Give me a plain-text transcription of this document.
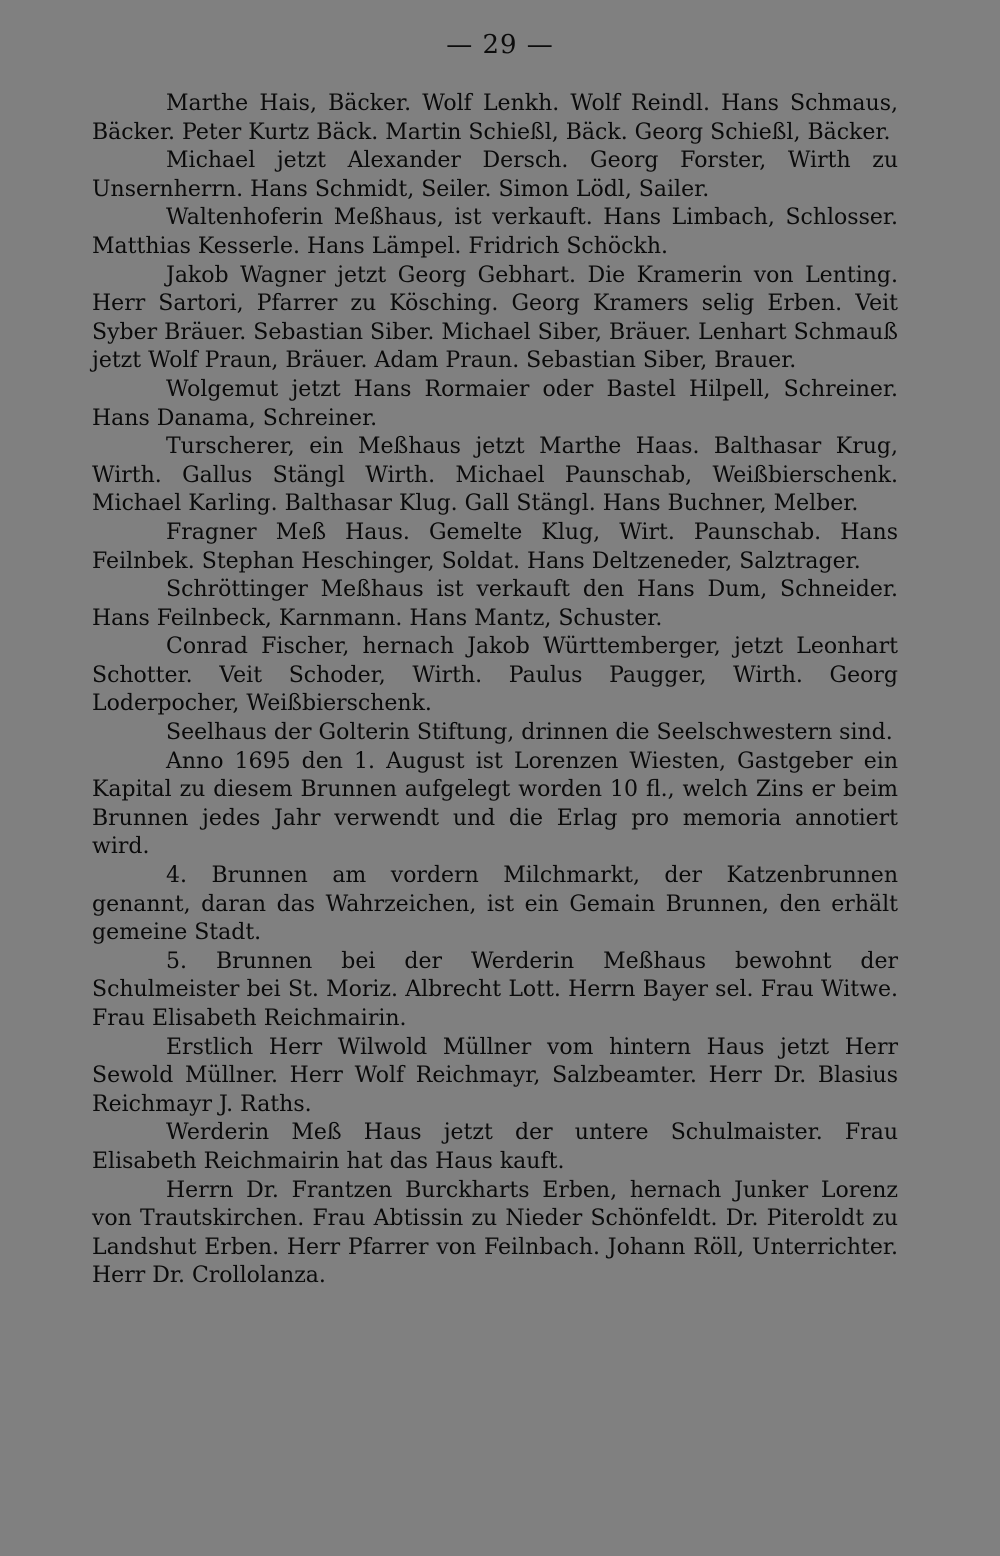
— 29 —

Marthe Hais, Bäcker. Wolf Lenkh. Wolf Reindl. Hans Schmaus, Bäcker. Peter Kurtz Bäck. Martin Schießl, Bäck. Georg Schießl, Bäcker.

Michael jetzt Alexander Dersch. Georg Forster, Wirth zu Unsernherrn. Hans Schmidt, Seiler. Simon Lödl, Sailer.

Waltenhoferin Meßhaus, ist verkauft. Hans Limbach, Schlosser. Matthias Kesserle. Hans Lämpel. Fridrich Schöckh.

Jakob Wagner jetzt Georg Gebhart. Die Kramerin von Lenting. Herr Sartori, Pfarrer zu Kösching. Georg Kramers selig Erben. Veit Syber Bräuer. Sebastian Siber. Michael Siber, Bräuer. Lenhart Schmauß jetzt Wolf Praun, Bräuer. Adam Praun. Sebastian Siber, Brauer.

Wolgemut jetzt Hans Rormaier oder Bastel Hilpell, Schreiner. Hans Danama, Schreiner.

Turscherer, ein Meßhaus jetzt Marthe Haas. Balthasar Krug, Wirth. Gallus Stängl Wirth. Michael Paunschab, Weißbierschenk. Michael Karling. Balthasar Klug. Gall Stängl. Hans Buchner, Melber.

Fragner Meß Haus. Gemelte Klug, Wirt. Paunschab. Hans Feilnbek. Stephan Heschinger, Soldat. Hans Deltzeneder, Salztrager.

Schröttinger Meßhaus ist verkauft den Hans Dum, Schneider. Hans Feilnbeck, Karnmann. Hans Mantz, Schuster.

Conrad Fischer, hernach Jakob Württemberger, jetzt Leonhart Schotter. Veit Schoder, Wirth. Paulus Paugger, Wirth. Georg Loderpocher, Weißbierschenk.

Seelhaus der Golterin Stiftung, drinnen die Seelschwestern sind.

Anno 1695 den 1. August ist Lorenzen Wiesten, Gastgeber ein Kapital zu diesem Brunnen aufgelegt worden 10 fl., welch Zins er beim Brunnen jedes Jahr verwendt und die Erlag pro memoria annotiert wird.

4. Brunnen am vordern Milchmarkt, der Katzenbrunnen genannt, daran das Wahrzeichen, ist ein Gemain Brunnen, den erhält gemeine Stadt.

5. Brunnen bei der Werderin Meßhaus bewohnt der Schulmeister bei St. Moriz. Albrecht Lott. Herrn Bayer sel. Frau Witwe. Frau Elisabeth Reichmairin.

Erstlich Herr Wilwold Müllner vom hintern Haus jetzt Herr Sewold Müllner. Herr Wolf Reichmayr, Salzbeamter. Herr Dr. Blasius Reichmayr J. Raths.

Werderin Meß Haus jetzt der untere Schulmaister. Frau Elisabeth Reichmairin hat das Haus kauft.

Herrn Dr. Frantzen Burckharts Erben, hernach Junker Lorenz von Trautskirchen. Frau Abtissin zu Nieder Schönfeldt. Dr. Piteroldt zu Landshut Erben. Herr Pfarrer von Feilnbach. Johann Röll, Unterrichter. Herr Dr. Crollolanza.
